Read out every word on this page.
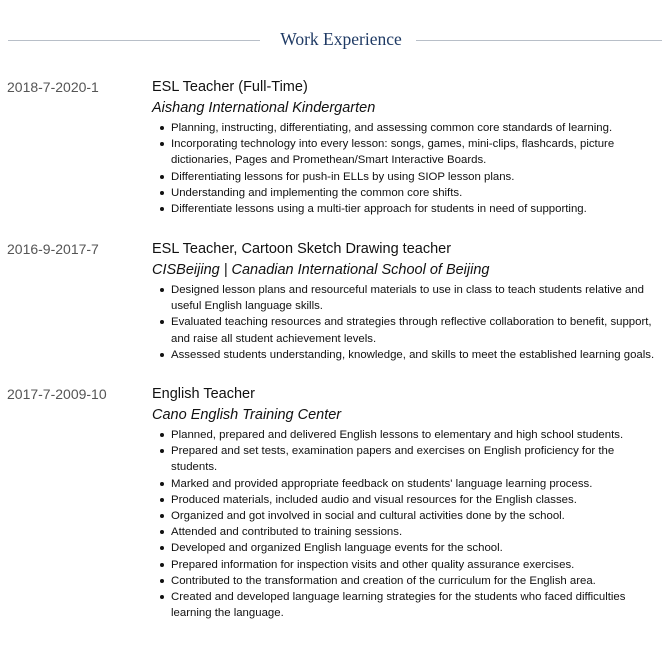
Work Experience
2018-7-2020-1	ESL Teacher (Full-Time)
Aishang International Kindergarten
Planning, instructing, differentiating, and assessing common core standards of learning.
Incorporating technology into every lesson: songs, games, mini-clips, flashcards, picture dictionaries, Pages and Promethean/Smart Interactive Boards.
Differentiating lessons for push-in ELLs by using SIOP lesson plans.
Understanding and implementing the common core shifts.
Differentiate lessons using a multi-tier approach for students in need of supporting.
2016-9-2017-7	ESL Teacher, Cartoon Sketch Drawing teacher
CISBeijing | Canadian International School of Beijing
Designed lesson plans and resourceful materials to use in class to teach students relative and useful English language skills.
Evaluated teaching resources and strategies through reflective collaboration to benefit, support, and raise all student achievement levels.
Assessed students understanding, knowledge, and skills to meet the established learning goals.
2017-7-2009-10	English Teacher
Cano English Training Center
Planned, prepared and delivered English lessons to elementary and high school students.
Prepared and set tests, examination papers and exercises on English proficiency for the students.
Marked and provided appropriate feedback on students' language learning process.
Produced materials, included audio and visual resources for the English classes.
Organized and got involved in social and cultural activities done by the school.
Attended and contributed to training sessions.
Developed and organized English language events for the school.
Prepared information for inspection visits and other quality assurance exercises.
Contributed to the transformation and creation of the curriculum for the English area.
Created and developed language learning strategies for the students who faced difficulties learning the language.
